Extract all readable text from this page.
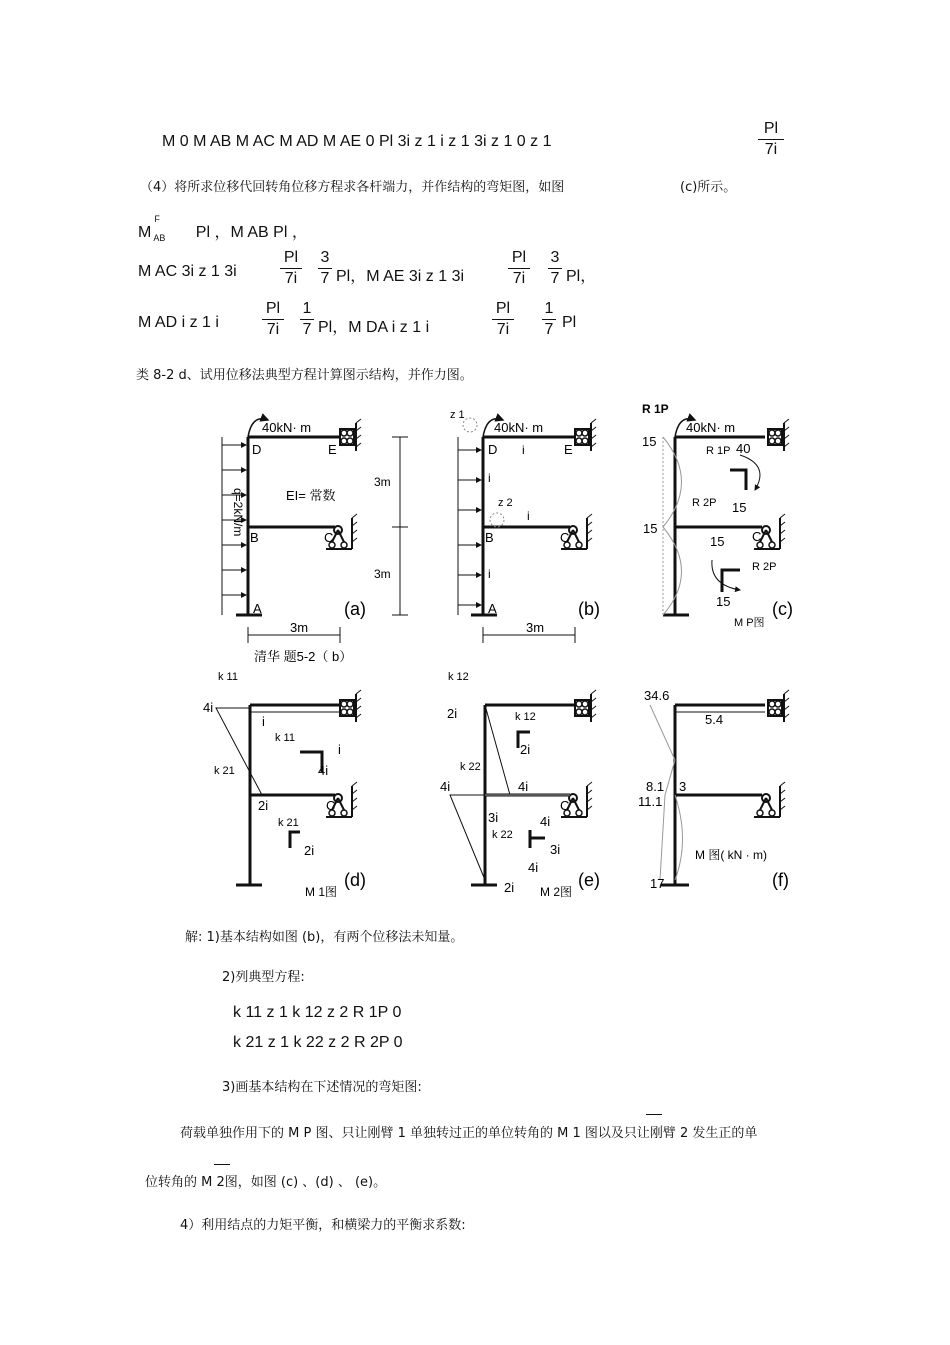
M 0 M AB M AC M AD M AE 0 Pl 3i z 1 i z 1 3i z 1 0 z 1
Pl
7i
（4）将所求位移代回转角位移方程求各杆端力，并作结构的弯矩图，如图	(c)所示。
M
F
$_{AB}$ Pl ，M AB Pl ，
M AC 3i z 1 3i
Pl
7i
3
7 Pl，M AE 3i z 1 3i
Pl
7i
3
7 Pl，
M AD i z 1 i
Pl
7i
1
7 Pl，M DA i z 1 i
Pl
7i
1
7 Pl
类 8-2 d、试用位移法典型方程计算图示结构，并作力图。
40kN· m
D	E
B	C
A
EI= 常数
q=2kN/m
3m
3m
3m
(a)
清华 题5-2（ b）
z 1
z 2
40kN· m
i
i
i
i
D	E
B	C
A
3m
(b)
R 1P
15
40kN· m
R 1P 40
15
R 2P
15
15 C
R 2P
15
M P图
(c)
k 11
4i
i
k 11
i
4i
k 21
2i	C
k 21
2i
M 1图
(d)
k 12
2i	k 12
2i
k 22
4i	4i
C
3i	4i
k 22
3i
4i
2i M 2图
(e)
34.6
5.4
8.1 3
11.1
M 图( kN · m)
17	(f)
解: 1)基本结构如图 (b)，有两个位移法未知量。
2)列典型方程:
k 11 z 1 k 12 z 2 R 1P 0
k 21 z 1 k 22 z 2 R 2P 0
3)画基本结构在下述情况的弯矩图:
荷载单独作用下的 M P 图、只让刚臂 1 单独转过正的单位转角的 M 1 图以及只让刚臂 2 发生正的单
位转角的 M 2图，如图 (c) 、(d) 、 (e)。
4）利用结点的力矩平衡，和横梁力的平衡求系数:
